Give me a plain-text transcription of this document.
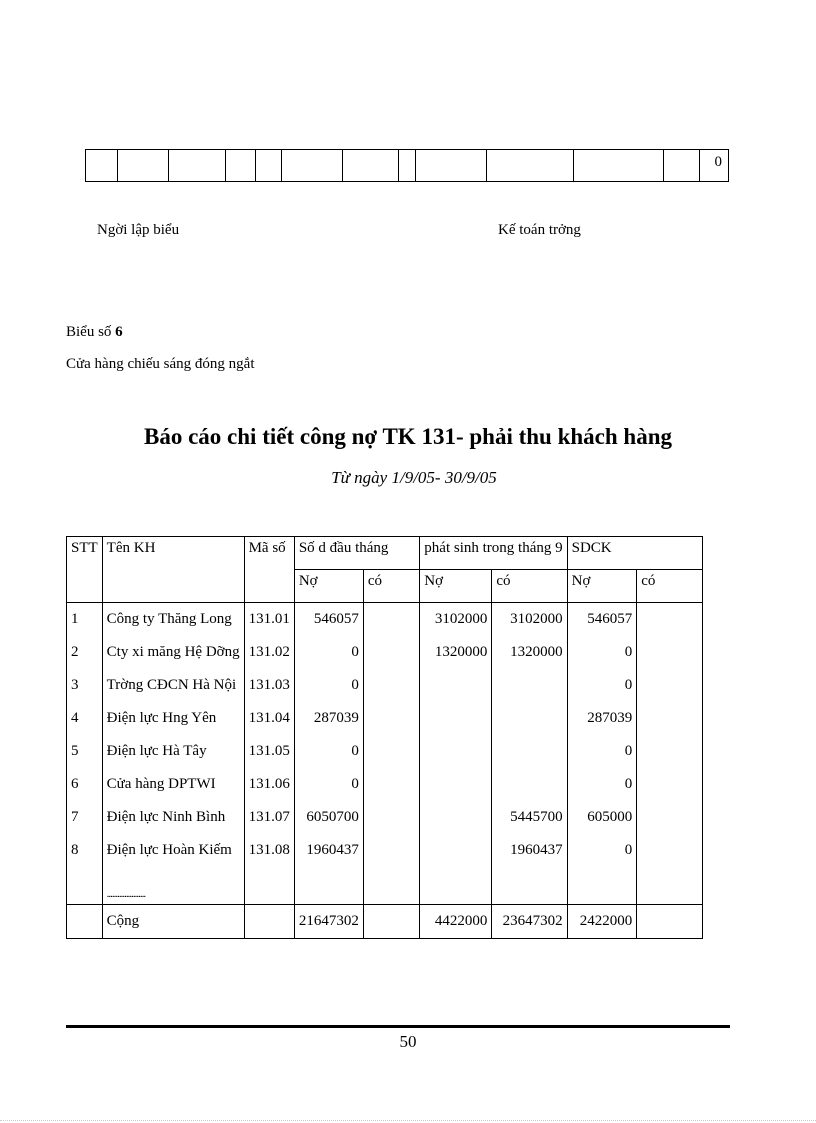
0
Ngời lập biểu	Kế toán trởng
Biểu số 6
Cửa hàng chiếu sáng đóng ngắt
Báo cáo chi tiết công nợ TK 131- phải thu khách hàng
Từ ngày 1/9/05- 30/9/05
STT	Tên KH	Mã số	Số d đầu tháng		phát sinh trong tháng 9		SDCK	
			Nợ	có	Nợ	có	Nợ	có
1	Công ty Thăng Long	131.01	546057		3102000	3102000	546057	
2	Cty xi măng Hệ Dỡng	131.02	0		1320000	1320000	0	
3	Trờng CĐCN Hà Nội	131.03	0				0	
4	Điện lực Hng Yên	131.04	287039				287039	
5	Điện lực Hà Tây	131.05	0				0	
6	Cửa hàng DPTWI	131.06	0				0	
7	Điện lực Ninh Bình	131.07	6050700			5445700	605000	
8	Điện lực Hoàn Kiếm	131.08	1960437			1960437	0	
	......................							
	Cộng		21647302		4422000	23647302	2422000	
50
